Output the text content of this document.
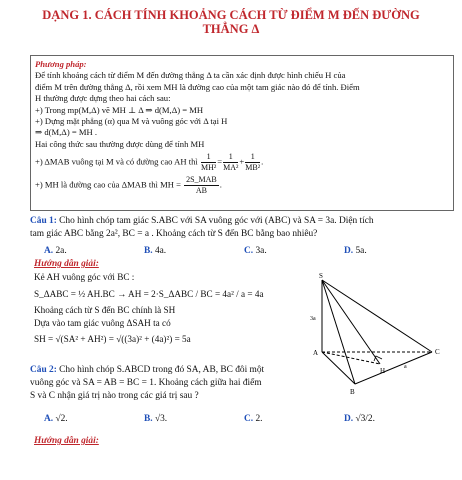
DẠNG 1. CÁCH TÍNH KHOẢNG CÁCH TỪ ĐIỂM M ĐẾN ĐƯỜNG
THẲNG Δ
Phương pháp:
Để tính khoảng cách từ điểm M đến đường thẳng Δ ta cần xác định được hình chiếu H của
điểm M trên đường thẳng Δ, rồi xem MH là đường cao của một tam giác nào đó để tính. Điểm
H thường được dựng theo hai cách sau:
+) Trong mp(M,Δ) vẽ MH ⊥ Δ ⇒ d(M,Δ) = MH
+) Dựng mặt phẳng (α) qua M và vuông góc với Δ tại H
⇒ d(M,Δ) = MH .
Hai công thức sau thường được dùng để tính MH
+) ΔMAB vuông tại M và có đường cao AH thì $\frac{1}{\text{MH²}} = \frac{1}{\text{MA²}} + \frac{1}{\text{MB²}}$ .
+) MH là đường cao của ΔMAB thì MH = $\frac{\text{2S\_MAB}}{AB}$ .
Câu 1: Cho hình chóp tam giác S.ABC với SA vuông góc với (ABC) và SA = 3a. Diện tích
tam giác ABC bằng 2a², BC = a . Khoảng cách từ S đến BC bằng bao nhiêu?
A. 2a.	B. 4a.	C. 3a.	D. 5a.
Hướng dẫn giải:
Kẻ AH vuông góc với BC :
S_ΔABC = ½ AH.BC → AH = 2·S_ΔABC / BC = 4a² / a = 4a
Khoảng cách từ S đến BC chính là SH
Dựa vào tam giác vuông ΔSAH ta có
SH = √(SA² + AH²) = √((3a)² + (4a)²) = 5a
S
A
B
C
H
3a
a
Câu 2: Cho hình chóp S.ABCD trong đó SA, AB, BC đôi một
vuông góc và SA = AB = BC = 1. Khoảng cách giữa hai điểm
S và C nhận giá trị nào trong các giá trị sau ?
A. √2.	B. √3.	C. 2.	D. √3/2.
Hướng dẫn giải:
